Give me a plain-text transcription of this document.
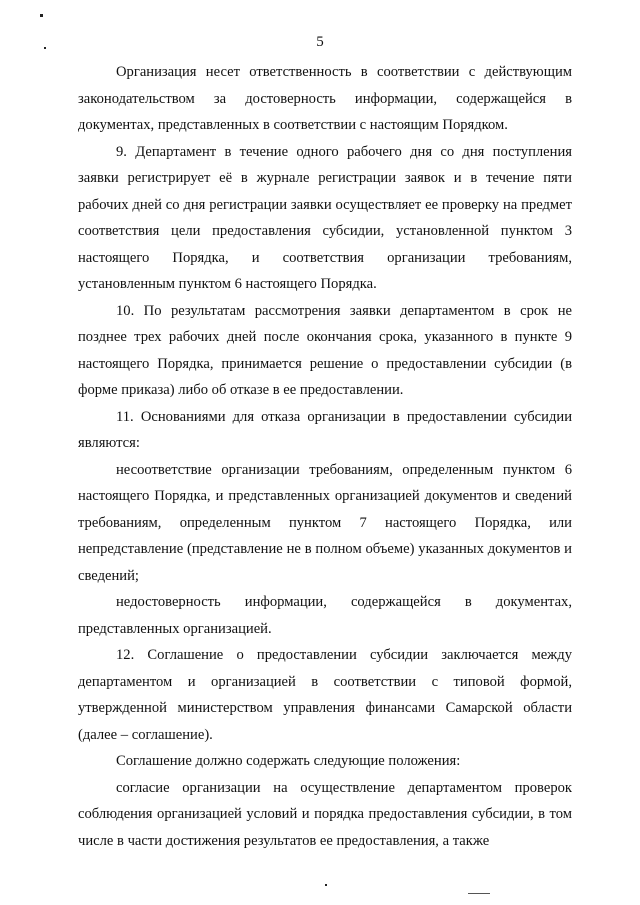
5

Организация несет ответственность в соответствии с действующим законодательством за достоверность информации, содержащейся в документах, представленных в соответствии с настоящим Порядком.

9. Департамент в течение одного рабочего дня со дня поступления заявки регистрирует её в журнале регистрации заявок и в течение пяти рабочих дней со дня регистрации заявки осуществляет ее проверку на предмет соответствия цели предоставления субсидии, установленной пунктом 3 настоящего Порядка, и соответствия организации требованиям, установленным пунктом 6 настоящего Порядка.

10. По результатам рассмотрения заявки департаментом в срок не позднее трех рабочих дней после окончания срока, указанного в пункте 9 настоящего Порядка, принимается решение о предоставлении субсидии (в форме приказа) либо об отказе в ее предоставлении.

11. Основаниями для отказа организации в предоставлении субсидии являются:

несоответствие организации требованиям, определенным пунктом 6 настоящего Порядка, и представленных организацией документов и сведений требованиям, определенным пунктом 7 настоящего Порядка, или непредставление (представление не в полном объеме) указанных документов и сведений;

недостоверность информации, содержащейся в документах, представленных организацией.

12. Соглашение о предоставлении субсидии заключается между департаментом и организацией в соответствии с типовой формой, утвержденной министерством управления финансами Самарской области (далее – соглашение).

Соглашение должно содержать следующие положения:

согласие организации на осуществление департаментом проверок соблюдения организацией условий и порядка предоставления субсидии, в том числе в части достижения результатов ее предоставления, а также
